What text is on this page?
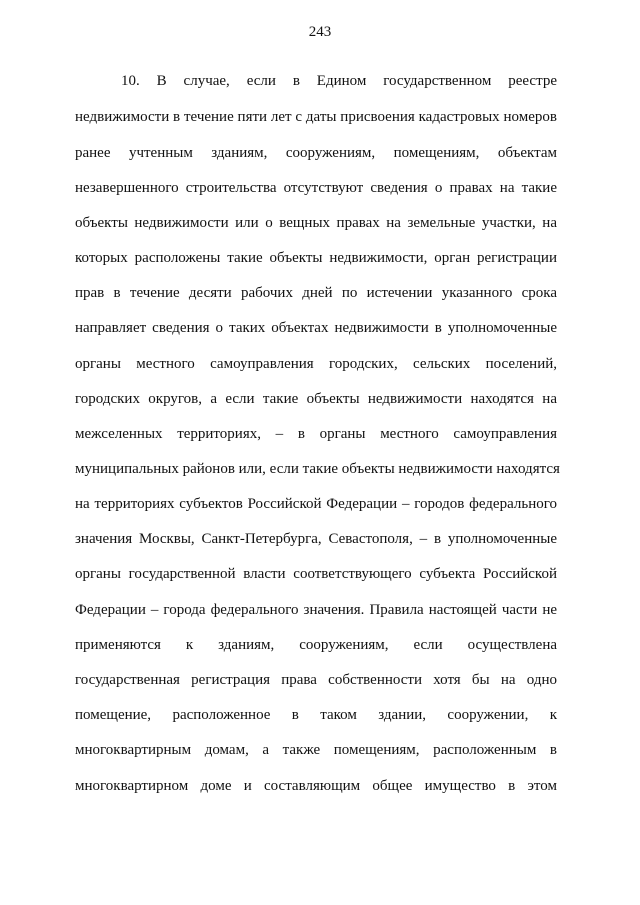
243
10. В случае, если в Едином государственном реестре
недвижимости в течение пяти лет с даты присвоения кадастровых номеров
ранее учтенным зданиям, сооружениям, помещениям, объектам
незавершенного строительства отсутствуют сведения о правах на такие
объекты недвижимости или о вещных правах на земельные участки, на
которых расположены такие объекты недвижимости, орган регистрации
прав в течение десяти рабочих дней по истечении указанного срока
направляет сведения о таких объектах недвижимости в уполномоченные
органы местного самоуправления городских, сельских поселений,
городских округов, а если такие объекты недвижимости находятся на
межселенных территориях, – в органы местного самоуправления
муниципальных районов или, если такие объекты недвижимости находятся
на территориях субъектов Российской Федерации – городов федерального
значения Москвы, Санкт-Петербурга, Севастополя, – в уполномоченные
органы государственной власти соответствующего субъекта Российской
Федерации – города федерального значения. Правила настоящей части не
применяются к зданиям, сооружениям, если осуществлена
государственная регистрация права собственности хотя бы на одно
помещение, расположенное в таком здании, сооружении, к
многоквартирным домам, а также помещениям, расположенным в
многоквартирном доме и составляющим общее имущество в этом
